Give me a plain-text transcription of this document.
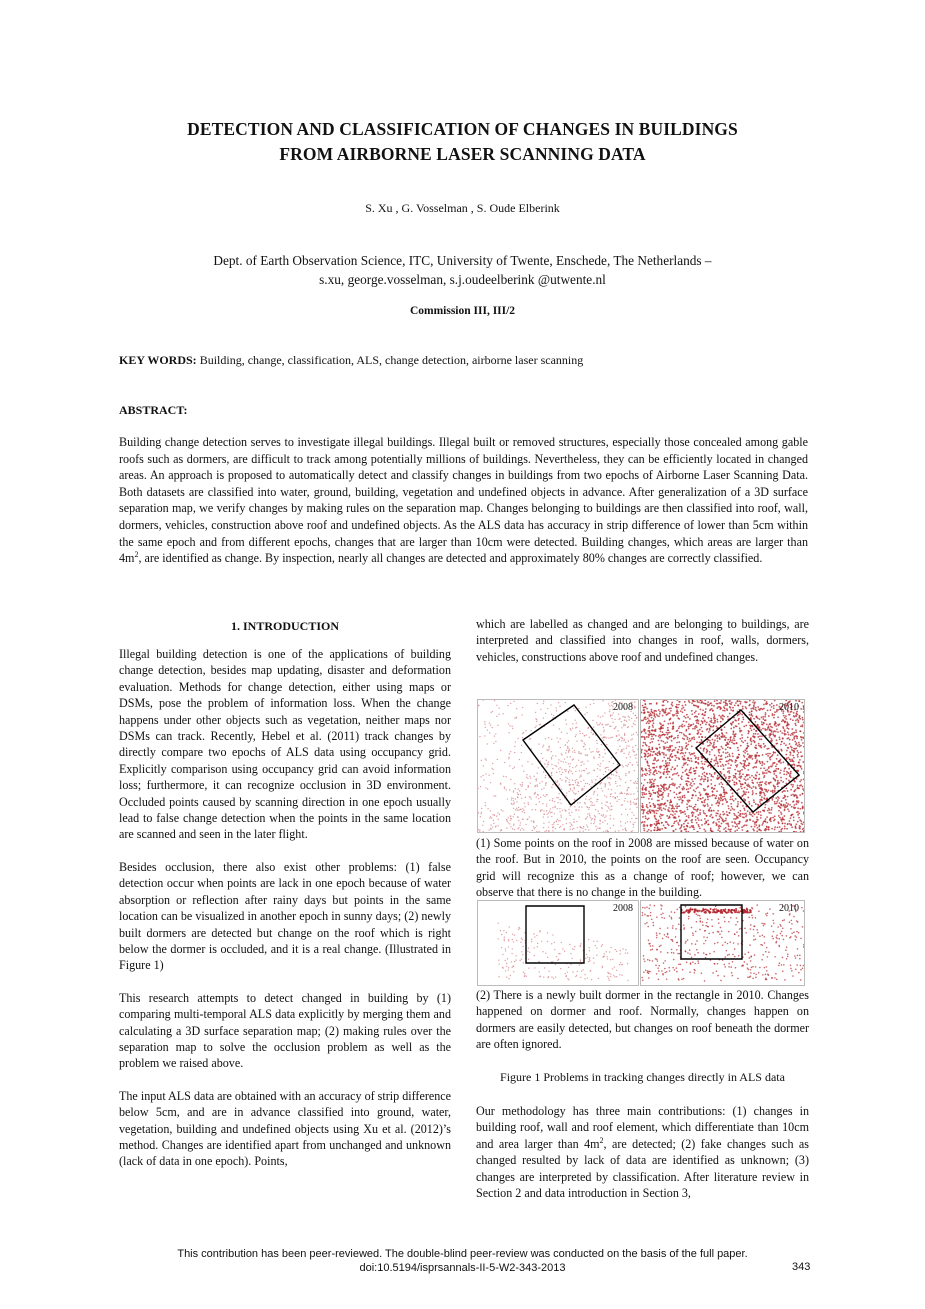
DETECTION AND CLASSIFICATION OF CHANGES IN BUILDINGS
FROM AIRBORNE LASER SCANNING DATA
S. Xu , G. Vosselman , S. Oude Elberink
Dept. of Earth Observation Science, ITC, University of Twente, Enschede, The Netherlands –
s.xu, george.vosselman, s.j.oudeelberink @utwente.nl
Commission III, III/2
KEY WORDS: Building, change, classification, ALS, change detection, airborne laser scanning
ABSTRACT:
Building change detection serves to investigate illegal buildings. Illegal built or removed structures, especially those concealed among gable roofs such as dormers, are difficult to track among potentially millions of buildings. Nevertheless, they can be efficiently located in changed areas. An approach is proposed to automatically detect and classify changes in buildings from two epochs of Airborne Laser Scanning Data. Both datasets are classified into water, ground, building, vegetation and undefined objects in advance. After generalization of a 3D surface separation map, we verify changes by making rules on the separation map. Changes belonging to buildings are then classified into roof, wall, dormers, vehicles, construction above roof and undefined objects. As the ALS data has accuracy in strip difference of lower than 5cm within the same epoch and from different epochs, changes that are larger than 10cm were detected. Building changes, which areas are larger than $4m^2$, are identified as change. By inspection, nearly all changes are detected and approximately 80% changes are correctly classified.
1. INTRODUCTION

Illegal building detection is one of the applications of building change detection, besides map updating, disaster and deformation evaluation. Methods for change detection, either using maps or DSMs, pose the problem of information loss. When the change happens under other objects such as vegetation, neither maps nor DSMs can track. Recently, Hebel et al. (2011) track changes by directly compare two epochs of ALS data using occupancy grid. Explicitly comparison using occupancy grid can avoid information loss; furthermore, it can recognize occlusion in 3D environment. Occluded points caused by scanning direction in one epoch usually lead to false change detection when the points in the same location are scanned and seen in the later flight.

Besides occlusion, there also exist other problems: (1) false detection occur when points are lack in one epoch because of water absorption or reflection after rainy days but points in the same location can be visualized in another epoch in sunny days; (2) newly built dormers are detected but change on the roof which is right below the dormer is occluded, and it is a real change. (Illustrated in Figure 1)

This research attempts to detect changed in building by (1) comparing multi-temporal ALS data explicitly by merging them and calculating a 3D surface separation map; (2) making rules over the separation map to solve the occlusion problem as well as the problem we raised above.

The input ALS data are obtained with an accuracy of strip difference below 5cm, and are in advance classified into ground, water, vegetation, building and undefined objects using Xu et al. (2012)’s method. Changes are identified apart from unchanged and unknown (lack of data in one epoch). Points,

which are labelled as changed and are belonging to buildings, are interpreted and classified into changes in roof, walls, dormers, vehicles, constructions above roof and undefined changes.

2008	2010
(1) Some points on the roof in 2008 are missed because of water on the roof. But in 2010, the points on the roof are seen. Occupancy grid will recognize this as a change of roof; however, we can observe that there is no change in the building.
2008	2010
(2) There is a newly built dormer in the rectangle in 2010. Changes happened on dormer and roof. Normally, changes happen on dormers are easily detected, but changes on roof beneath the dormer are often ignored.
Figure 1 Problems in tracking changes directly in ALS data

Our methodology has three main contributions: (1) changes in building roof, wall and roof element, which differentiate than 10cm and area larger than $4m^2$, are detected; (2) fake changes such as changed resulted by lack of data are identified as unknown; (3) changes are interpreted by classification. After literature review in Section 2 and data introduction in Section 3,

This contribution has been peer-reviewed. The double-blind peer-review was conducted on the basis of the full paper.
doi:10.5194/isprsannals-II-5-W2-343-2013	343
